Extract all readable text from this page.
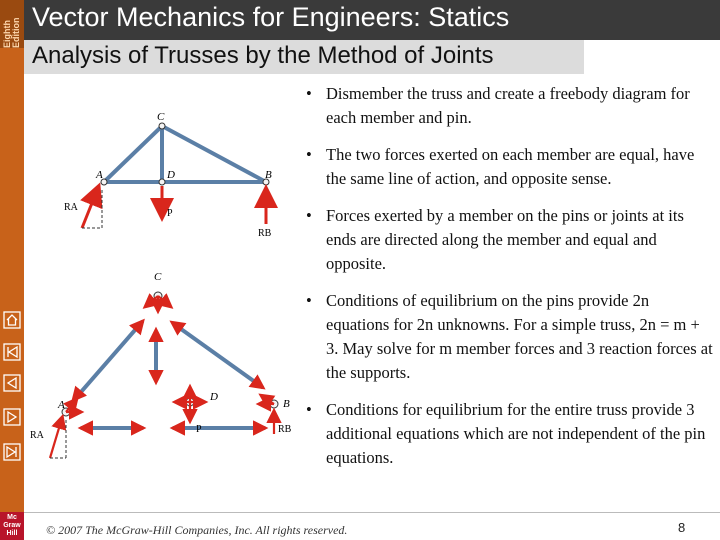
Eighth Edition
Mc Graw Hill
Vector Mechanics for Engineers: Statics
Analysis of Trusses by the Method of Joints
C
A	D	B
RA
P
RB
C
A
D
B
RA
P	RB
• Dismember the truss and create a freebody diagram for each member and pin.
• The two forces exerted on each member are equal, have the same line of action, and opposite sense.
• Forces exerted by a member on the pins or joints at its ends are directed along the member and equal and opposite.
• Conditions of equilibrium on the pins provide 2n equations for 2n unknowns. For a simple truss, 2n = m + 3. May solve for m member forces and 3 reaction forces at the supports.
• Conditions for equilibrium for the entire truss provide 3 additional equations which are not independent of the pin equations.
© 2007 The McGraw-Hill Companies, Inc. All rights reserved.	8
